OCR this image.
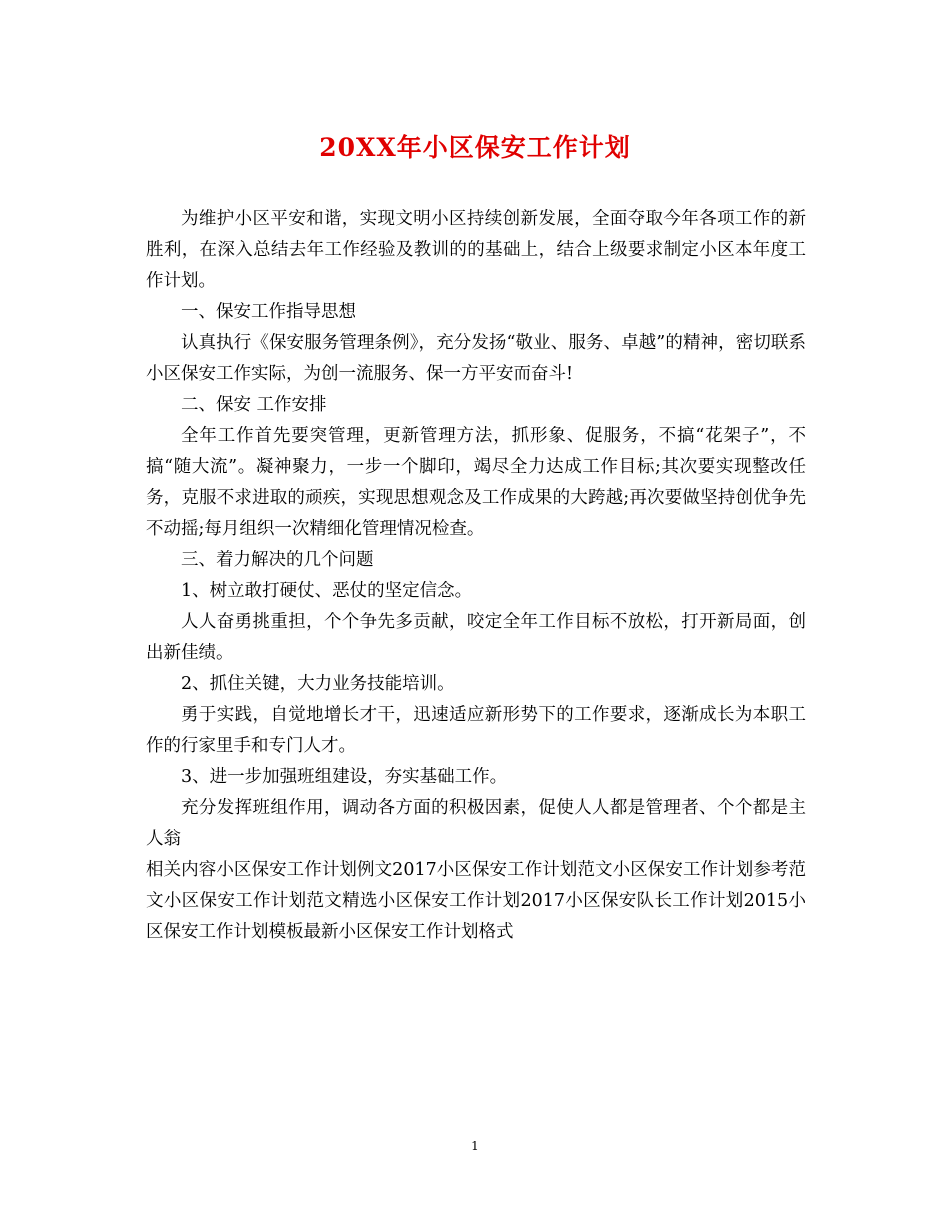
20XX年小区保安工作计划

为维护小区平安和谐，实现文明小区持续创新发展，全面夺取今年各项工作的新胜利，在深入总结去年工作经验及教训的的基础上，结合上级要求制定小区本年度工作计划。

一、保安工作指导思想

认真执行《保安服务管理条例》，充分发扬“敬业、服务、卓越”的精神，密切联系小区保安工作实际，为创一流服务、保一方平安而奋斗!

二、保安 工作安排

全年工作首先要突管理，更新管理方法，抓形象、促服务，不搞“花架子”，不搞“随大流”。凝神聚力，一步一个脚印，竭尽全力达成工作目标;其次要实现整改任务，克服不求进取的顽疾，实现思想观念及工作成果的大跨越;再次要做坚持创优争先不动摇;每月组织一次精细化管理情况检查。

三、着力解决的几个问题

1、树立敢打硬仗、恶仗的坚定信念。

人人奋勇挑重担，个个争先多贡献，咬定全年工作目标不放松，打开新局面，创出新佳绩。

2、抓住关键，大力业务技能培训。

勇于实践，自觉地增长才干，迅速适应新形势下的工作要求，逐渐成长为本职工作的行家里手和专门人才。

3、进一步加强班组建设，夯实基础工作。

充分发挥班组作用，调动各方面的积极因素，促使人人都是管理者、个个都是主人翁

相关内容小区保安工作计划例文2017小区保安工作计划范文小区保安工作计划参考范文小区保安工作计划范文精选小区保安工作计划2017小区保安队长工作计划2015小区保安工作计划模板最新小区保安工作计划格式

1
